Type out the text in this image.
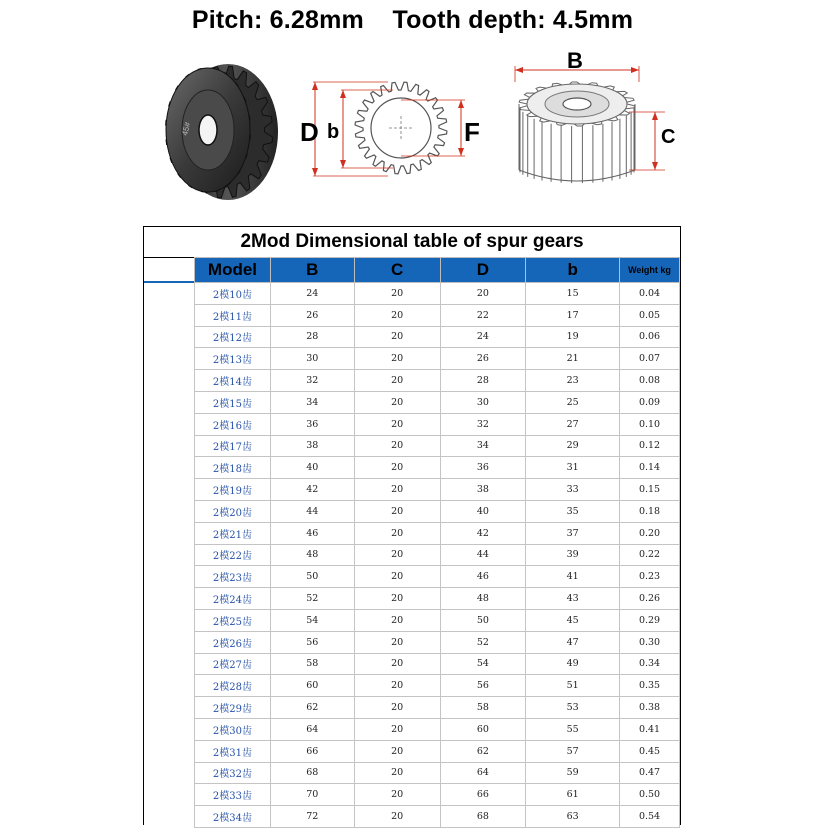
Pitch: 6.28mm    Tooth depth: 4.5mm
45#	D b	F
B
C
2Mod Dimensional table of spur gears
Model	B	C	D	b	Weight kg
2模10齿	24	20	20	15	0.04
2模11齿	26	20	22	17	0.05
2模12齿	28	20	24	19	0.06
2模13齿	30	20	26	21	0.07
2模14齿	32	20	28	23	0.08
2模15齿	34	20	30	25	0.09
2模16齿	36	20	32	27	0.10
2模17齿	38	20	34	29	0.12
2模18齿	40	20	36	31	0.14
2模19齿	42	20	38	33	0.15
2模20齿	44	20	40	35	0.18
2模21齿	46	20	42	37	0.20
2模22齿	48	20	44	39	0.22
2模23齿	50	20	46	41	0.23
2模24齿	52	20	48	43	0.26
2模25齿	54	20	50	45	0.29
2模26齿	56	20	52	47	0.30
2模27齿	58	20	54	49	0.34
2模28齿	60	20	56	51	0.35
2模29齿	62	20	58	53	0.38
2模30齿	64	20	60	55	0.41
2模31齿	66	20	62	57	0.45
2模32齿	68	20	64	59	0.47
2模33齿	70	20	66	61	0.50
2模34齿	72	20	68	63	0.54
